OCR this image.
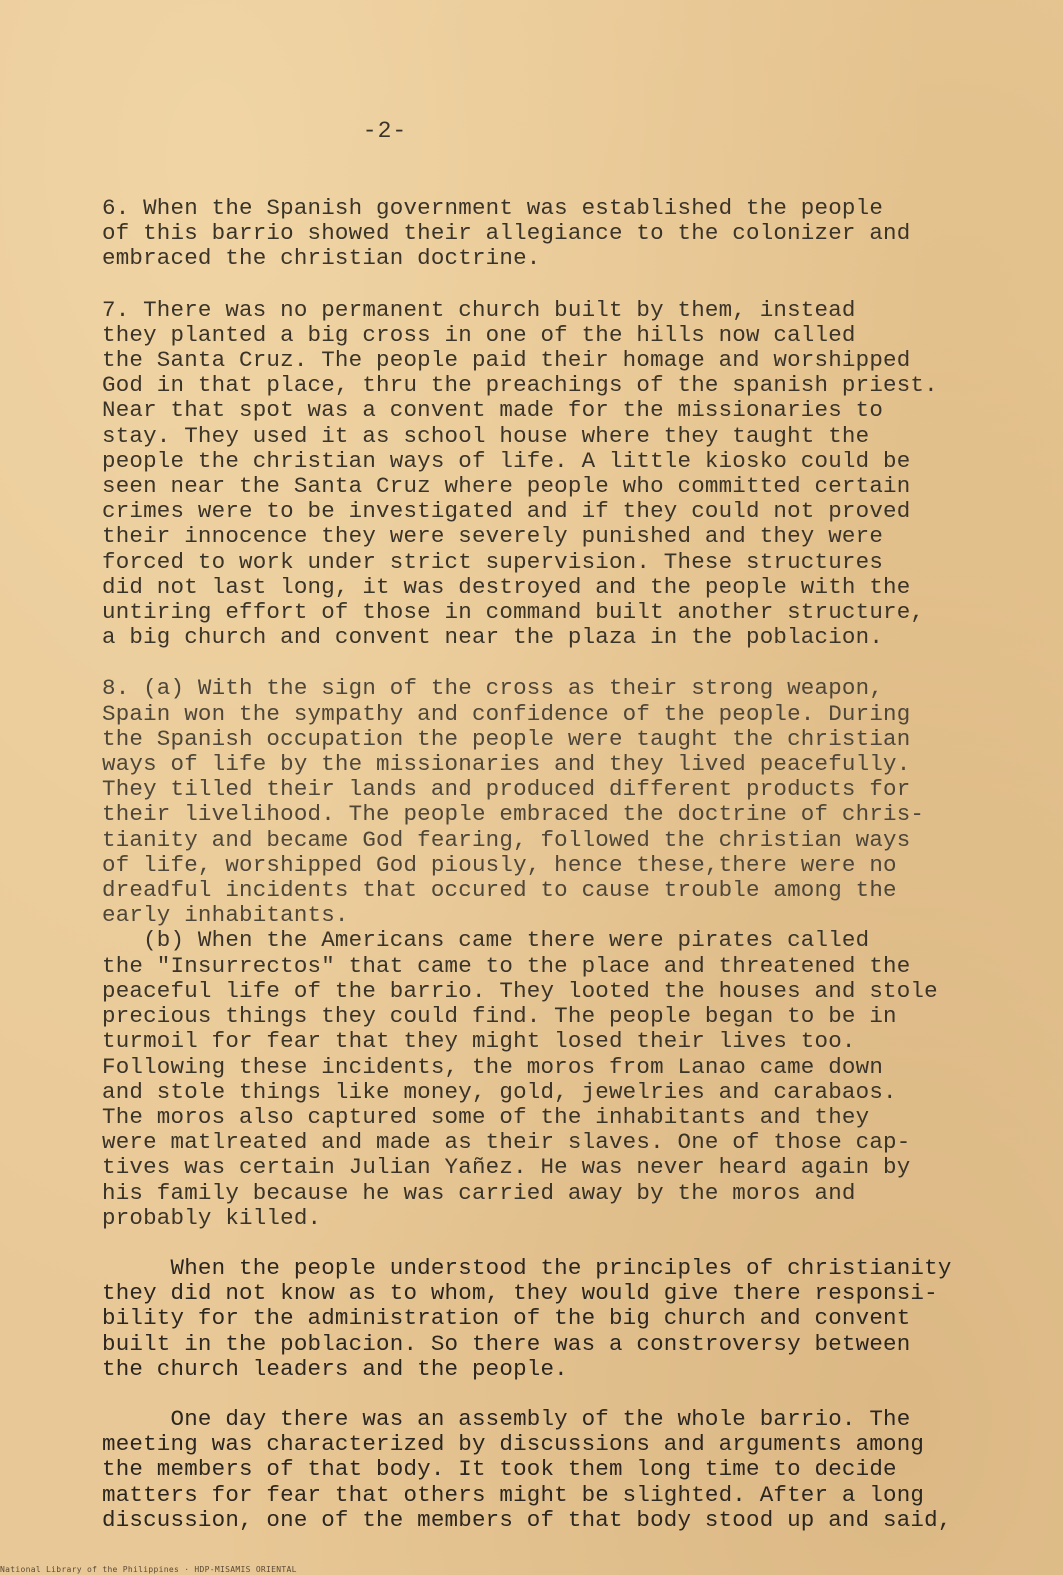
-2-
6. When the Spanish government was established the people
of this barrio showed their allegiance to the colonizer and
embraced the christian doctrine.
7. There was no permanent church built by them, instead
they planted a big cross in one of the hills now called
the Santa Cruz. The people paid their homage and worshipped
God in that place, thru the preachings of the spanish priest.
Near that spot was a convent made for the missionaries to
stay. They used it as school house where they taught the
people the christian ways of life. A little kiosko could be
seen near the Santa Cruz where people who committed certain
crimes were to be investigated and if they could not proved
their innocence they were severely punished and they were
forced to work under strict supervision. These structures
did not last long, it was destroyed and the people with the
untiring effort of those in command built another structure,
a big church and convent near the plaza in the poblacion.
8. (a) With the sign of the cross as their strong weapon,
Spain won the sympathy and confidence of the people. During
the Spanish occupation the people were taught the christian
ways of life by the missionaries and they lived peacefully.
They tilled their lands and produced different products for
their livelihood. The people embraced the doctrine of chris-
tianity and became God fearing, followed the christian ways
of life, worshipped God piously, hence these,there were no
dreadful incidents that occured to cause trouble among the
early inhabitants.
(b) When the Americans came there were pirates called
the "Insurrectos" that came to the place and threatened the
peaceful life of the barrio. They looted the houses and stole
precious things they could find. The people began to be in
turmoil for fear that they might losed their lives too.
Following these incidents, the moros from Lanao came down
and stole things like money, gold, jewelries and carabaos.
The moros also captured some of the inhabitants and they
were matlreated and made as their slaves. One of those cap-
tives was certain Julian Yañez. He was never heard again by
his family because he was carried away by the moros and
probably killed.
When the people understood the principles of christianity
they did not know as to whom, they would give there responsi-
bility for the administration of the big church and convent
built in the poblacion. So there was a constroversy between
the church leaders and the people.
One day there was an assembly of the whole barrio. The
meeting was characterized by discussions and arguments among
the members of that body. It took them long time to decide
matters for fear that others might be slighted. After a long
discussion, one of the members of that body stood up and said,
National Library of the Philippines · HDP-MISAMIS ORIENTAL
